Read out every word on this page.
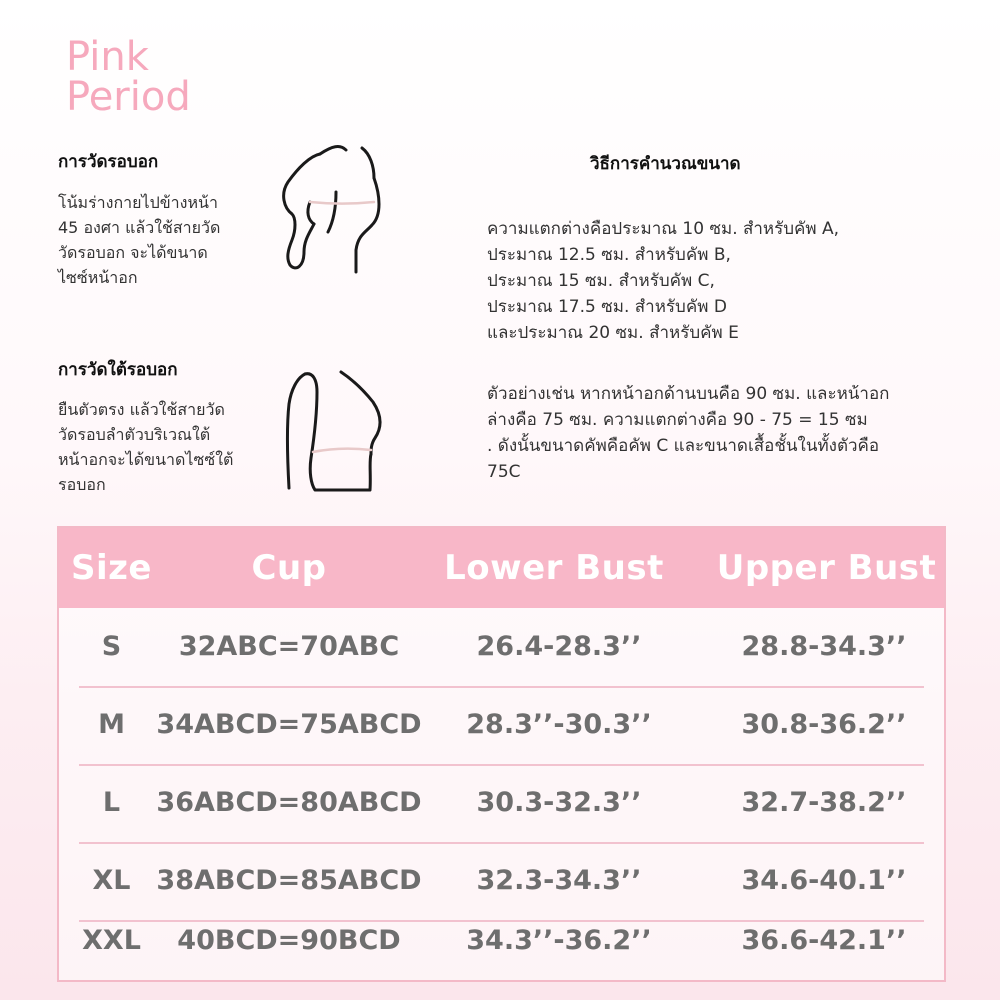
Pink
Period
การวัดรอบอก
โน้มร่างกายไปข้างหน้า
45 องศา แล้วใช้สายวัด
วัดรอบอก จะได้ขนาด
ไซซ์หน้าอก
การวัดใต้รอบอก
ยืนตัวตรง แล้วใช้สายวัด
วัดรอบลำตัวบริเวณใต้
หน้าอกจะได้ขนาดไซซ์ใต้
รอบอก
วิธีการคำนวณขนาด
ความแตกต่างคือประมาณ 10 ซม. สำหรับคัพ A,
ประมาณ 12.5 ซม. สำหรับคัพ B,
ประมาณ 15 ซม. สำหรับคัพ C,
ประมาณ 17.5 ซม. สำหรับคัพ D
และประมาณ 20 ซม. สำหรับคัพ E
ตัวอย่างเช่น หากหน้าอกด้านบนคือ 90 ซม. และหน้าอก
ล่างคือ 75 ซม. ความแตกต่างคือ 90 - 75 = 15 ซม
. ดังนั้นขนาดคัพคือคัพ C และขนาดเสื้อชั้นในทั้งตัวคือ
75C
Size	Cup	Lower Bust	Upper Bust
S	32ABC=70ABC	26.4-28.3’’	28.8-34.3’’
M	34ABCD=75ABCD 28.3’’-30.3’’	30.8-36.2’’
L	36ABCD=80ABCD	30.3-32.3’’	32.7-38.2’’
XL 38ABCD=85ABCD	32.3-34.3’’	34.6-40.1’’
XXL	40BCD=90BCD	34.3’’-36.2’’	36.6-42.1’’
